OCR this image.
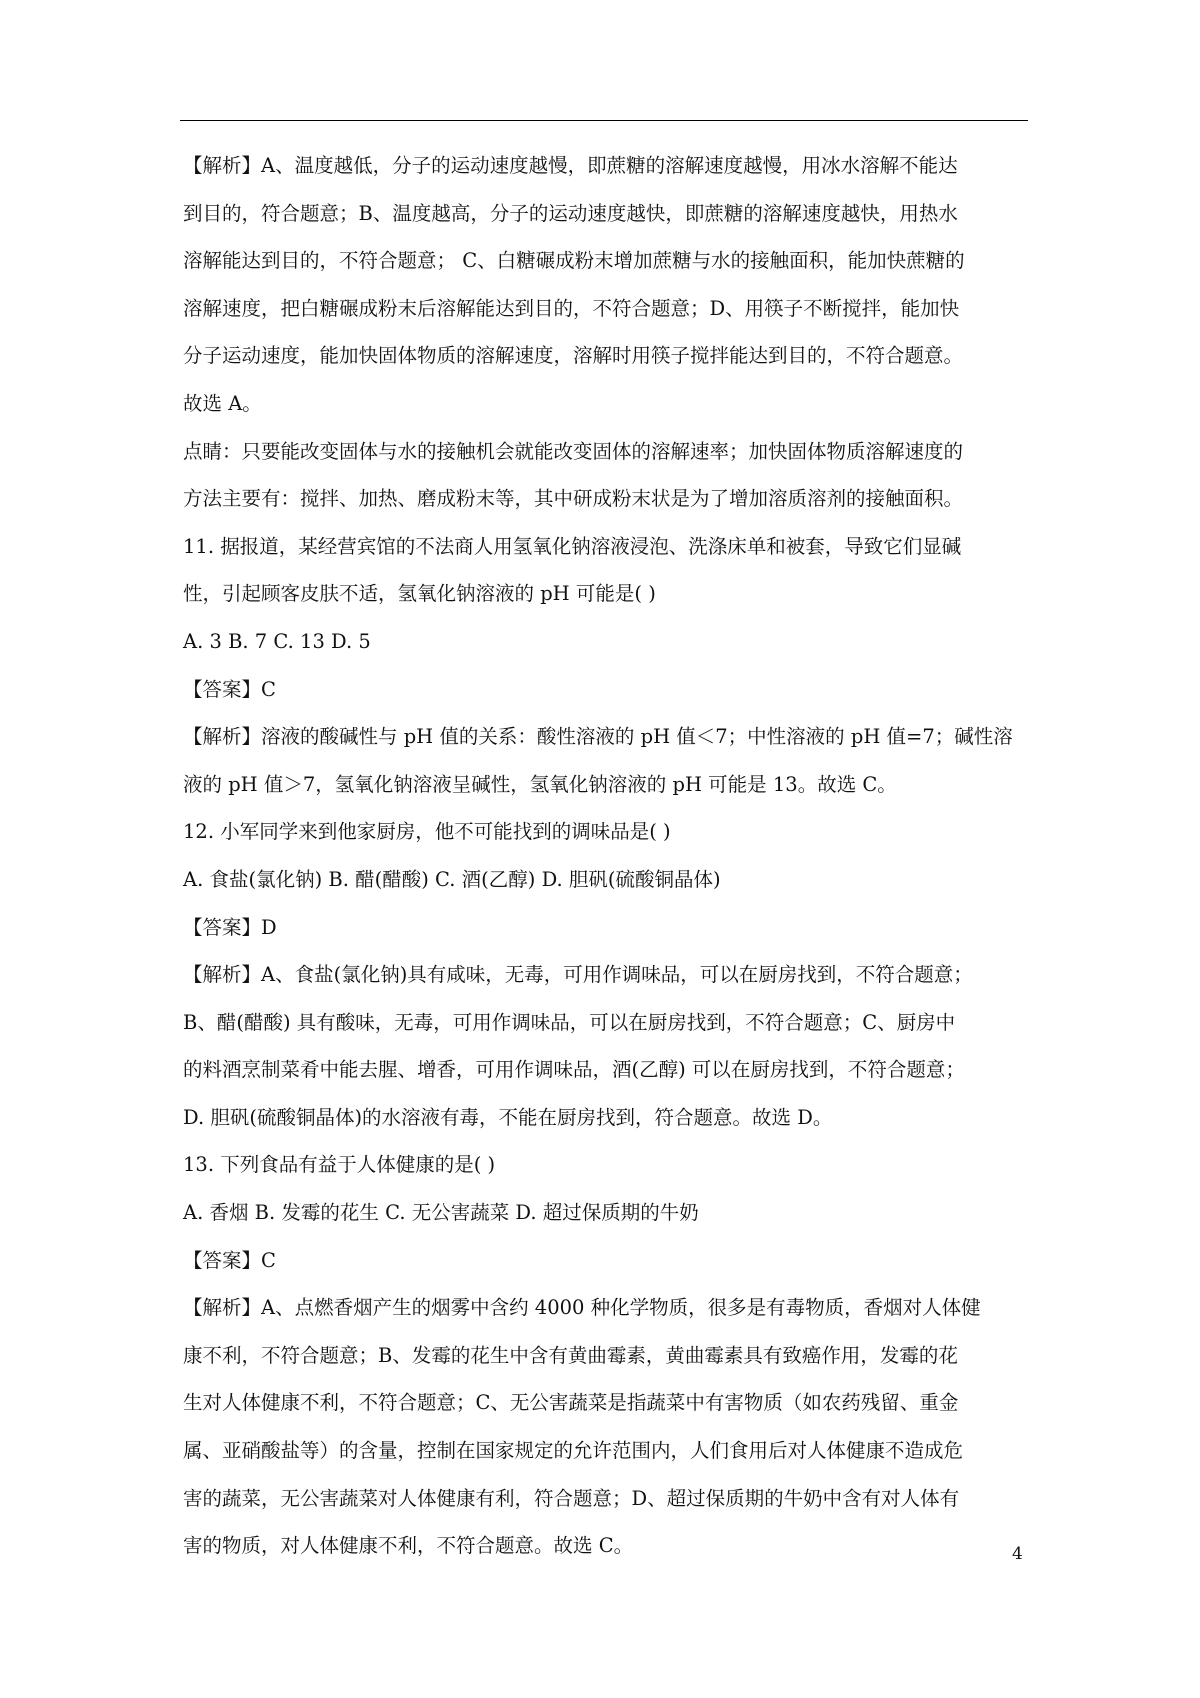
【解析】A、温度越低，分子的运动速度越慢，即蔗糖的溶解速度越慢，用冰水溶解不能达

到目的，符合题意；B、温度越高，分子的运动速度越快，即蔗糖的溶解速度越快，用热水

溶解能达到目的，不符合题意； C、白糖碾成粉末增加蔗糖与水的接触面积，能加快蔗糖的

溶解速度，把白糖碾成粉末后溶解能达到目的，不符合题意；D、用筷子不断搅拌，能加快

分子运动速度，能加快固体物质的溶解速度，溶解时用筷子搅拌能达到目的，不符合题意。

故选 A。

点睛：只要能改变固体与水的接触机会就能改变固体的溶解速率；加快固体物质溶解速度的

方法主要有：搅拌、加热、磨成粉末等，其中研成粉末状是为了增加溶质溶剂的接触面积。

11. 据报道，某经营宾馆的不法商人用氢氧化钠溶液浸泡、洗涤床单和被套，导致它们显碱

性，引起顾客皮肤不适，氢氧化钠溶液的 pH 可能是( )

A. 3 B. 7 C. 13 D. 5

【答案】C

【解析】溶液的酸碱性与 pH 值的关系：酸性溶液的 pH 值＜7；中性溶液的 pH 值=7；碱性溶

液的 pH 值＞7，氢氧化钠溶液呈碱性，氢氧化钠溶液的 pH 可能是 13。故选 C。

12. 小军同学来到他家厨房，他不可能找到的调味品是( )

A. 食盐(氯化钠) B. 醋(醋酸) C. 酒(乙醇) D. 胆矾(硫酸铜晶体)

【答案】D

【解析】A、食盐(氯化钠)具有咸味，无毒，可用作调味品，可以在厨房找到，不符合题意；

B、醋(醋酸) 具有酸味，无毒，可用作调味品，可以在厨房找到，不符合题意；C、厨房中

的料酒烹制菜肴中能去腥、增香，可用作调味品，酒(乙醇) 可以在厨房找到，不符合题意；

D. 胆矾(硫酸铜晶体)的水溶液有毒，不能在厨房找到，符合题意。故选 D。

13. 下列食品有益于人体健康的是( )

A. 香烟 B. 发霉的花生 C. 无公害蔬菜 D. 超过保质期的牛奶

【答案】C

【解析】A、点燃香烟产生的烟雾中含约 4000 种化学物质，很多是有毒物质，香烟对人体健

康不利，不符合题意；B、发霉的花生中含有黄曲霉素，黄曲霉素具有致癌作用，发霉的花

生对人体健康不利，不符合题意；C、无公害蔬菜是指蔬菜中有害物质（如农药残留、重金

属、亚硝酸盐等）的含量，控制在国家规定的允许范围内，人们食用后对人体健康不造成危

害的蔬菜，无公害蔬菜对人体健康有利，符合题意；D、超过保质期的牛奶中含有对人体有

害的物质，对人体健康不利，不符合题意。故选 C。	4
